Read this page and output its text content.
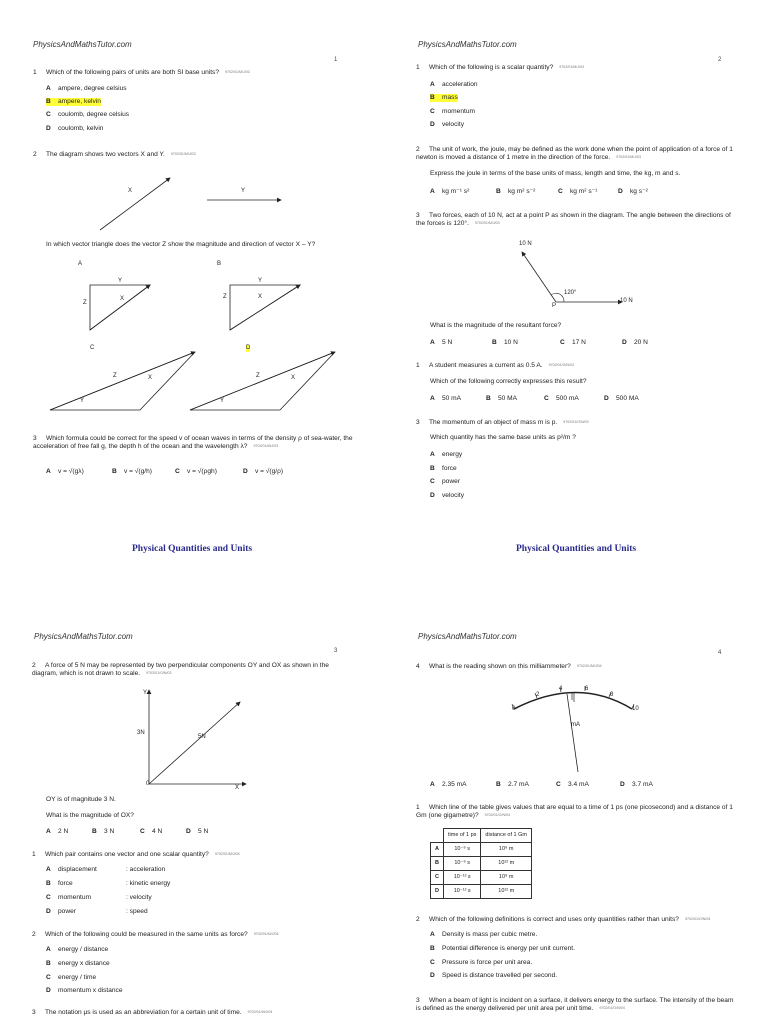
PhysicsAndMathsTutor.com
1
1 Which of the following pairs of units are both SI base units? 9702/01/M/J/03
A ampere, degree celsius
B ampere, kelvin
C coulomb, degree celsius
D coulomb, kelvin
2 The diagram shows two vectors X and Y. 9702/01/M/J/03
X	Y
In which vector triangle does the vector Z show the magnitude and direction of vector X – Y?
A	B
C	D
Z
X
Y
Z	X
Y
Z	X
Y
Z	X
Y
3 Which formula could be correct for the speed v of ocean waves in terms of the density ρ of sea-water, the acceleration of free fall g, the depth h of the ocean and the wavelength λ? 9702/01/M/J/03
A v = √(gλ)	B v = √(g/h)	C v = √(ρgh)	D v = √(g/ρ)
PhysicsAndMathsTutor.com
2
1 Which of the following is a scalar quantity? 9702/01/M/J/03
A acceleration
B mass
C momentum
D velocity
2 The unit of work, the joule, may be defined as the work done when the point of application of a force of 1 newton is moved a distance of 1 metre in the direction of the force. 9702/01/M/J/03
Express the joule in terms of the base units of mass, length and time, the kg, m and s.
A kg m⁻¹ s²	B kg m² s⁻²	C kg m² s⁻¹	D kg s⁻²
3 Two forces, each of 10 N, act at a point P as shown in the diagram. The angle between the directions of the forces is 120°. 9702/01/M/J/03
10 N
10 N
120°
P
What is the magnitude of the resultant force?
A 5 N	B 10 N	C 17 N	D 20 N
1 A student measures a current as 0.5 A. 9702/01/O/N/03
Which of the following correctly expresses this result?
A 50 mA	B 50 MA	C 500 mA	D 500 MA
3 The momentum of an object of mass m is p. 9702/01/O/N/03
Which quantity has the same base units as p²/m ?
A energy
B force
C power
D velocity
Physical Quantities and Units	Physical Quantities and Units
PhysicsAndMathsTutor.com
3
2 A force of 5 N may be represented by two perpendicular components OY and OX as shown in the diagram, which is not drawn to scale. 9702/01/O/N/03
Y
X
0
3N
5N
OY is of magnitude 3 N.
What is the magnitude of OX?
A 2 N	B 3 N	C 4 N	D 5 N
1 Which pair contains one vector and one scalar quantity? 9702/01/M/J/04
A displacement	: acceleration
B force	: kinetic energy
C momentum	: velocity
D power	: speed
2 Which of the following could be measured in the same units as force? 9702/01/M/J/04
A energy / distance
B energy x distance
C energy / time
D momentum x distance
3 The notation μs is used as an abbreviation for a certain unit of time. 9702/01/M/J/04
PhysicsAndMathsTutor.com
4
4 What is the reading shown on this milliammeter? 9702/01/M/J/04
0
2
4	6
8
10
mA
A 2.35 mA	B 2.7 mA	C 3.4 mA	D 3.7 mA
1 Which line of the table gives values that are equal to a time of 1 ps (one picosecond) and a distance of 1 Gm (one gigametre)? 9702/01/O/N/04
	time of 1 ps	distance of 1 Gm
A	10⁻⁹ s	10⁹ m
B	10⁻⁹ s	10¹² m
C	10⁻¹² s	10⁹ m
D	10⁻¹² s	10¹² m
2 Which of the following definitions is correct and uses only quantities rather than units? 9702/01/O/N/04
A Density is mass per cubic metre.
B Potential difference is energy per unit current.
C Pressure is force per unit area.
D Speed is distance travelled per second.
3 When a beam of light is incident on a surface, it delivers energy to the surface. The intensity of the beam is defined as the energy delivered per unit area per unit time. 9702/01/O/N/04
